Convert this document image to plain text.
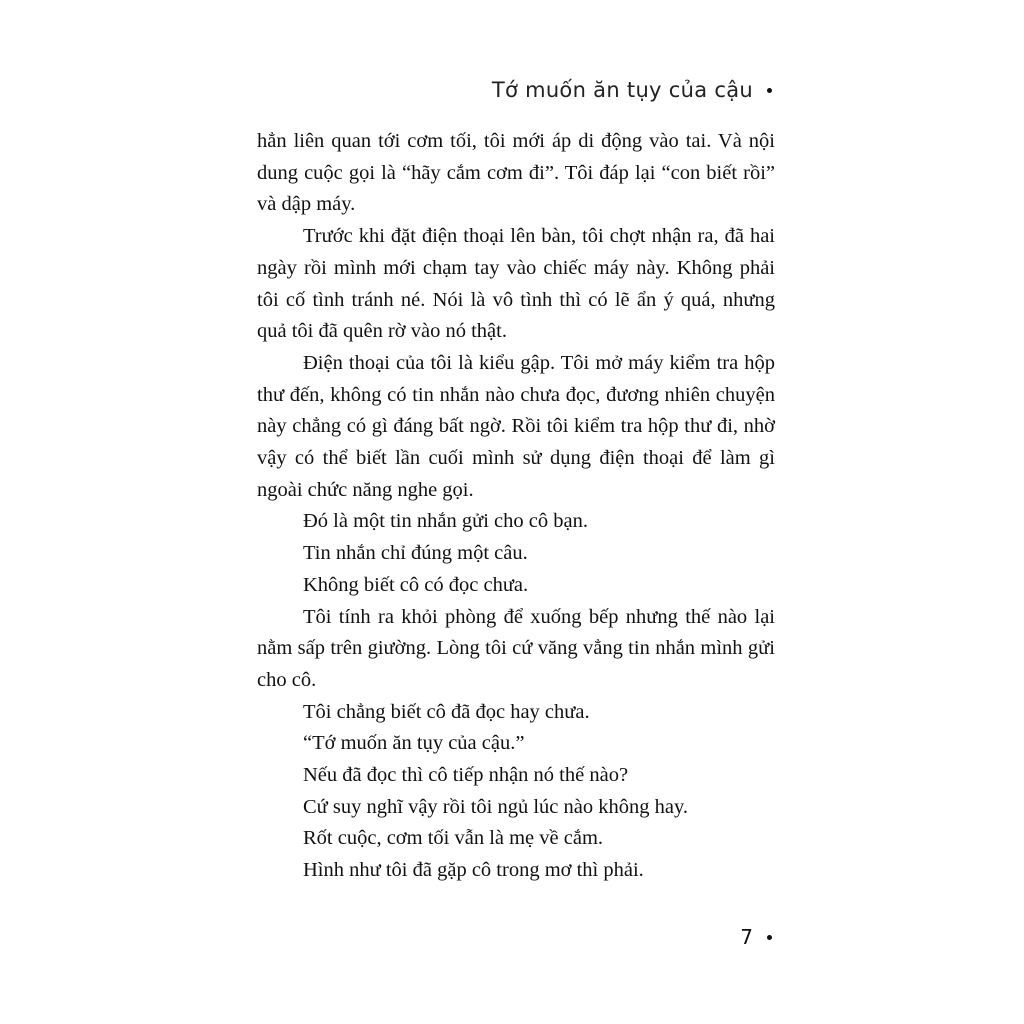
Tớ muốn ăn tụy của cậu

hẳn liên quan tới cơm tối, tôi mới áp di động vào tai. Và nội dung cuộc gọi là “hãy cắm cơm đi”. Tôi đáp lại “con biết rồi” và dập máy.

Trước khi đặt điện thoại lên bàn, tôi chợt nhận ra, đã hai ngày rồi mình mới chạm tay vào chiếc máy này. Không phải tôi cố tình tránh né. Nói là vô tình thì có lẽ ẩn ý quá, nhưng quả tôi đã quên rờ vào nó thật.

Điện thoại của tôi là kiểu gập. Tôi mở máy kiểm tra hộp thư đến, không có tin nhắn nào chưa đọc, đương nhiên chuyện này chẳng có gì đáng bất ngờ. Rồi tôi kiểm tra hộp thư đi, nhờ vậy có thể biết lần cuối mình sử dụng điện thoại để làm gì ngoài chức năng nghe gọi.

Đó là một tin nhắn gửi cho cô bạn.

Tin nhắn chỉ đúng một câu.

Không biết cô có đọc chưa.

Tôi tính ra khỏi phòng để xuống bếp nhưng thế nào lại nằm sấp trên giường. Lòng tôi cứ văng vẳng tin nhắn mình gửi cho cô.

Tôi chẳng biết cô đã đọc hay chưa.

“Tớ muốn ăn tụy của cậu.”

Nếu đã đọc thì cô tiếp nhận nó thế nào?

Cứ suy nghĩ vậy rồi tôi ngủ lúc nào không hay.

Rốt cuộc, cơm tối vẫn là mẹ về cắm.

Hình như tôi đã gặp cô trong mơ thì phải.

7
